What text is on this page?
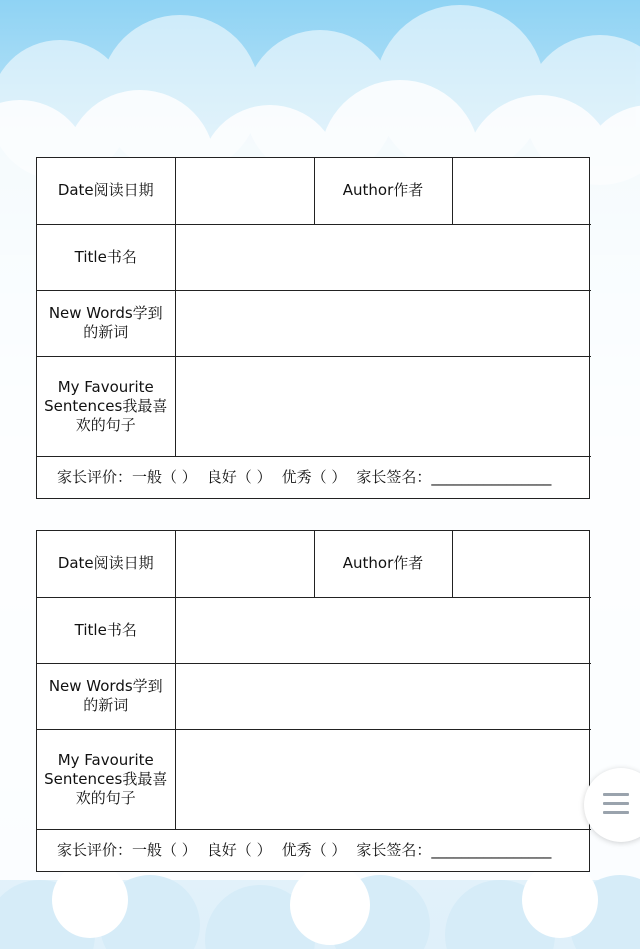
Date阅读日期		Author作者	
Title书名			
New Words学到的新词			
My Favourite Sentences我最喜欢的句子			
家长评价：一般（ ） 良好（ ） 优秀（ ） 家长签名：________________			
Date阅读日期		Author作者	
Title书名			
New Words学到的新词			
My Favourite Sentences我最喜欢的句子			
家长评价：一般（ ） 良好（ ） 优秀（ ） 家长签名：________________			
